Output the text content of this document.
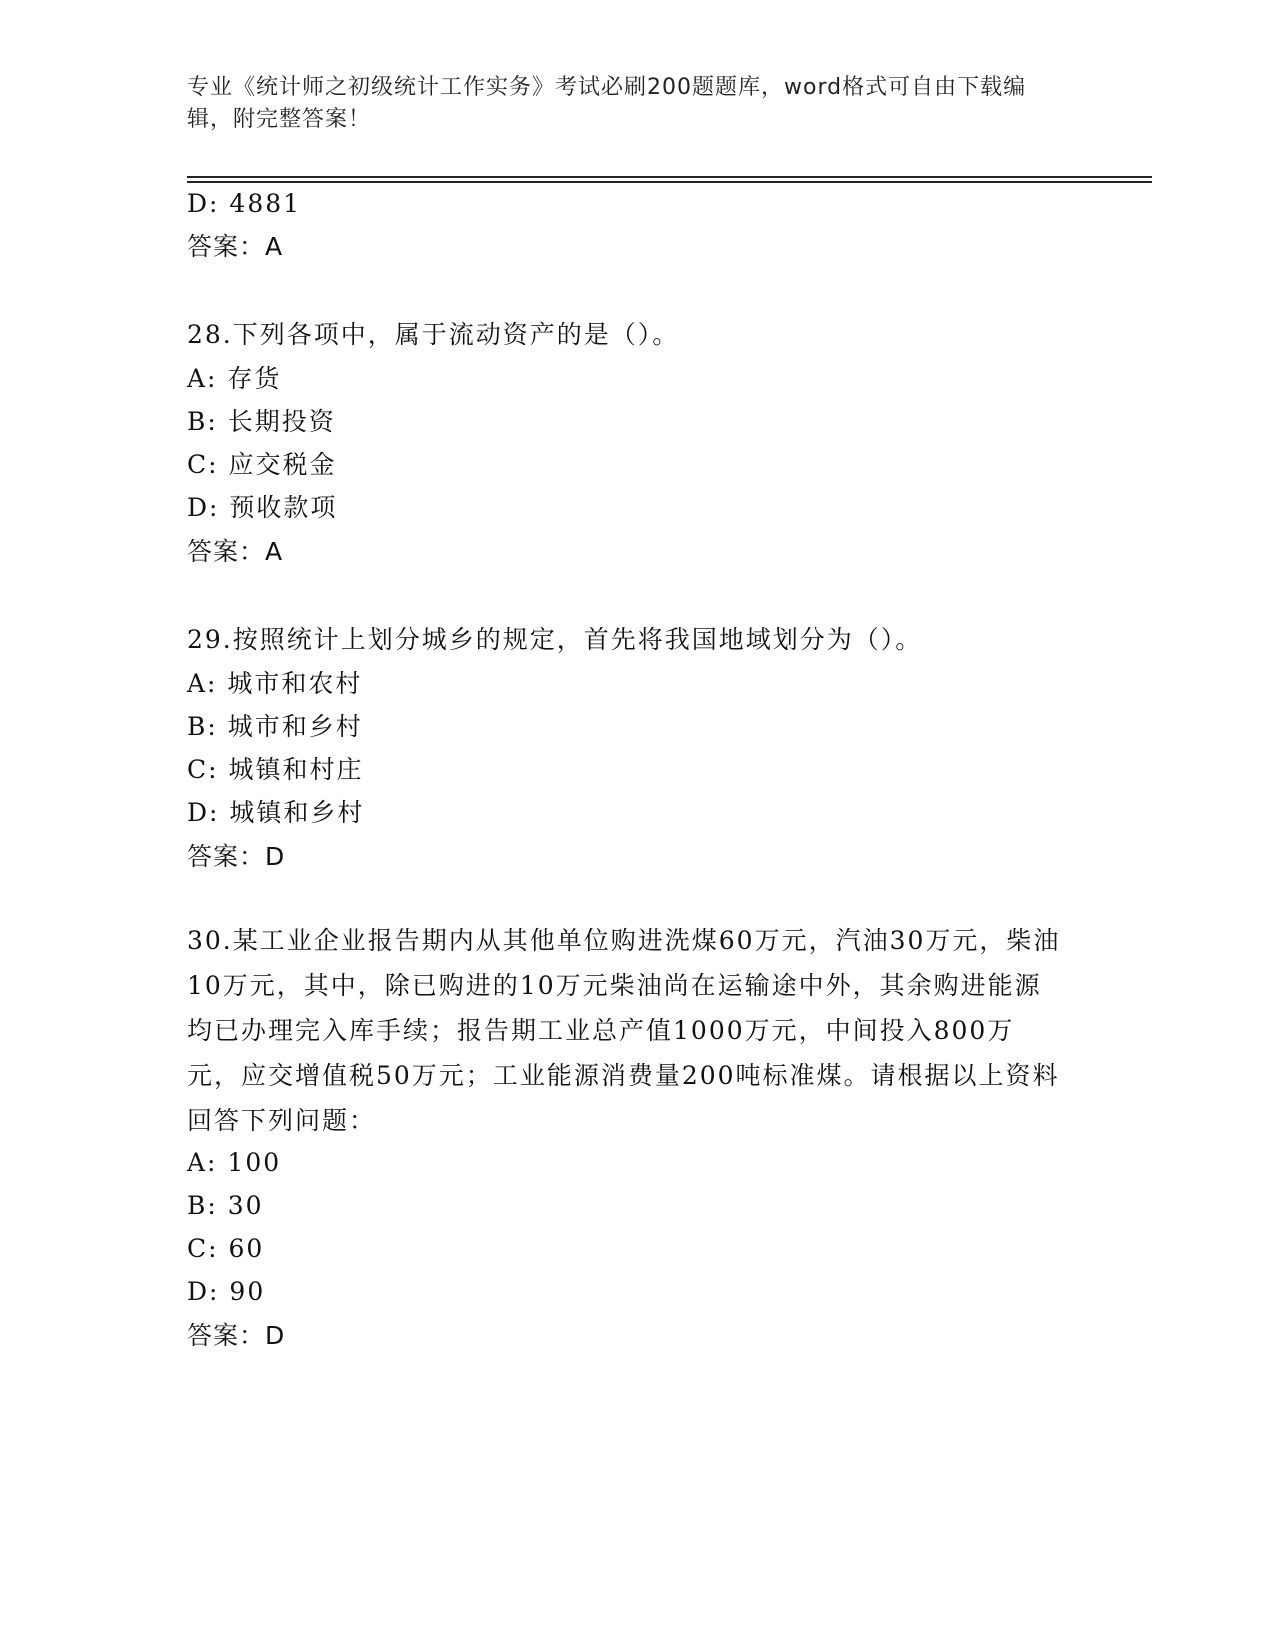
专业《统计师之初级统计工作实务》考试必刷200题题库，word格式可自由下载编辑，附完整答案！
D: 4881
答案：A
28.下列各项中，属于流动资产的是（）。
A: 存货
B: 长期投资
C: 应交税金
D: 预收款项
答案：A
29.按照统计上划分城乡的规定，首先将我国地域划分为（）。
A: 城市和农村
B: 城市和乡村
C: 城镇和村庄
D: 城镇和乡村
答案：D
30.某工业企业报告期内从其他单位购进洗煤60万元，汽油30万元，柴油10万元，其中，除已购进的10万元柴油尚在运输途中外，其余购进能源均已办理完入库手续；报告期工业总产值1000万元，中间投入800万元，应交增值税50万元；工业能源消费量200吨标准煤。请根据以上资料回答下列问题：
A: 100
B: 30
C: 60
D: 90
答案：D
